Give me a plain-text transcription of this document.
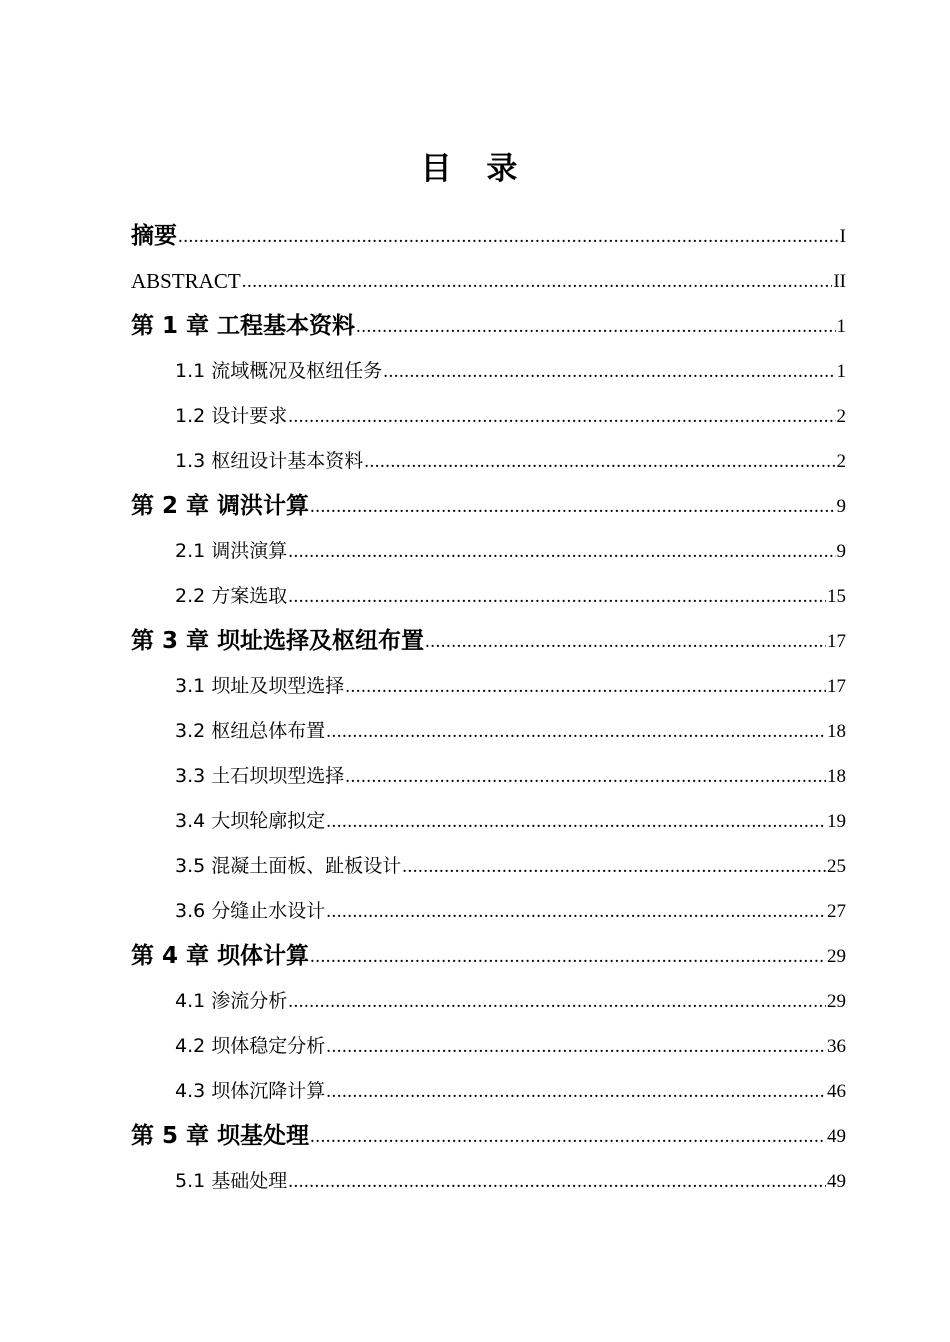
目 录
摘要 .....	I
ABSTRACT .....	II
第 1 章 工程基本资料 .....	1
1.1 流域概况及枢纽任务 .....	1
1.2 设计要求 .....	2
1.3 枢纽设计基本资料 .....	2
第 2 章 调洪计算 .....	9
2.1 调洪演算 .....	9
2.2 方案选取 .....	15
第 3 章 坝址选择及枢纽布置 .....	17
3.1 坝址及坝型选择 .....	17
3.2 枢纽总体布置 .....	18
3.3 土石坝坝型选择 .....	18
3.4 大坝轮廓拟定 .....	19
3.5 混凝土面板、趾板设计 .....	25
3.6 分缝止水设计 .....	27
第 4 章 坝体计算 .....	29
4.1 渗流分析 .....	29
4.2 坝体稳定分析 .....	36
4.3 坝体沉降计算 .....	46
第 5 章 坝基处理 .....	49
5.1 基础处理 .....	49
